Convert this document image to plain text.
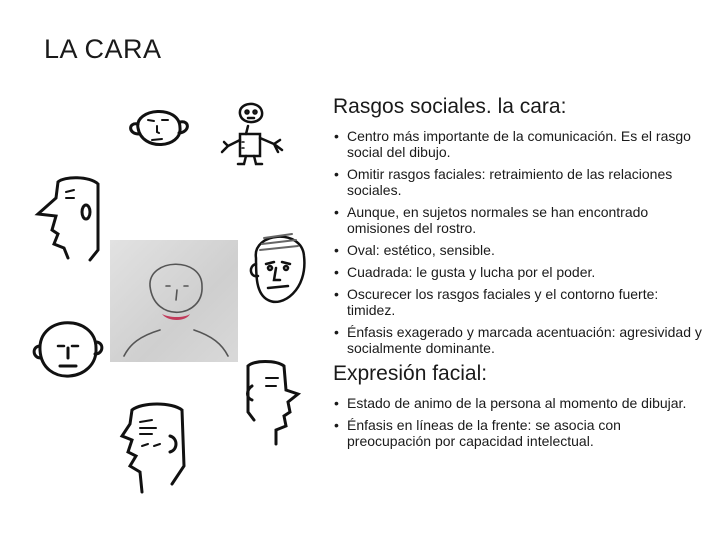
LA CARA
Rasgos sociales. la cara:
• Centro más importante de la comunicación. Es el rasgo social del dibujo.
• Omitir rasgos faciales: retraimiento de las relaciones sociales.
• Aunque, en sujetos normales se han encontrado omisiones del rostro.
• Oval: estético, sensible.
• Cuadrada: le gusta y lucha por el poder.
• Oscurecer los rasgos faciales y el contorno fuerte: timidez.
• Énfasis exagerado y marcada acentuación: agresividad y socialmente dominante.
Expresión facial:
• Estado de animo de la persona al momento de dibujar.
• Énfasis en líneas de la frente: se asocia con preocupación por capacidad intelectual.
